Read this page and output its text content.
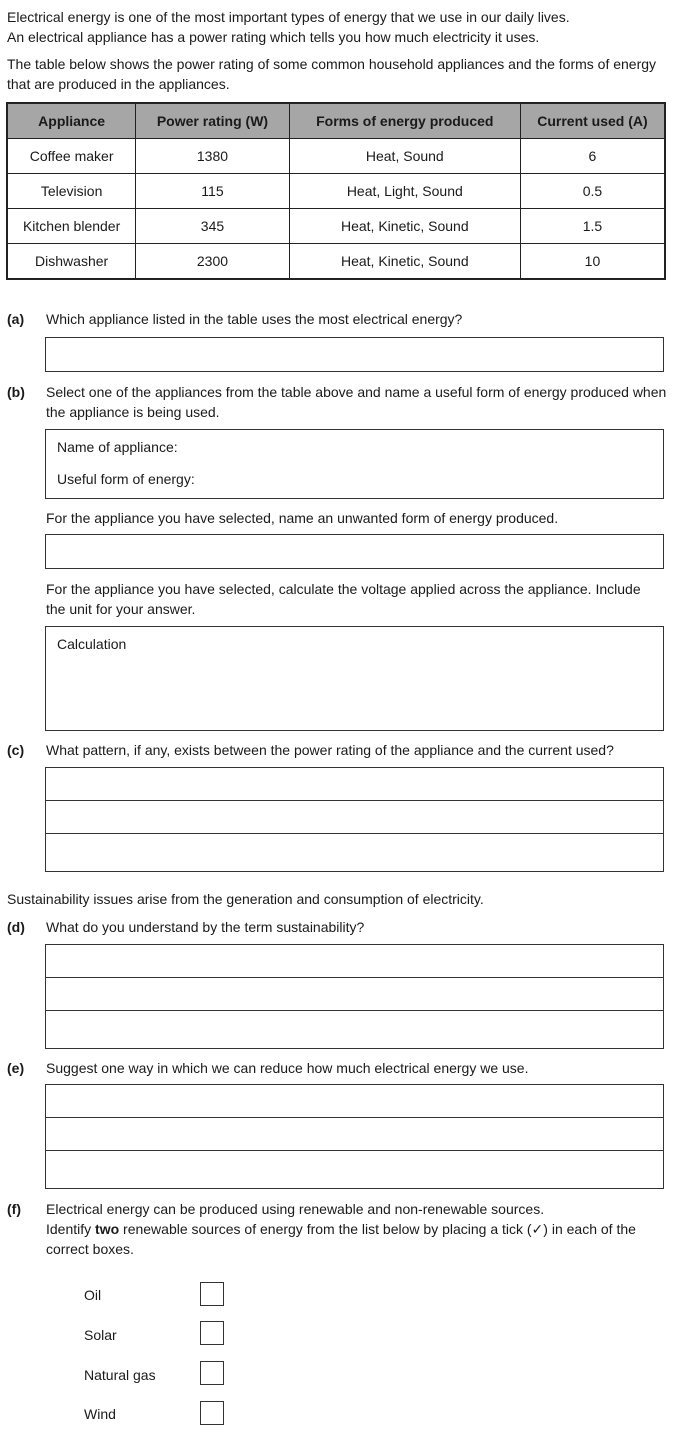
Electrical energy is one of the most important types of energy that we use in our daily lives.
An electrical appliance has a power rating which tells you how much electricity it uses.
The table below shows the power rating of some common household appliances and the forms of energy that are produced in the appliances.
Appliance	Power rating (W)	Forms of energy produced	Current used (A)
Coffee maker	1380	Heat, Sound	6
Television	115	Heat, Light, Sound	0.5
Kitchen blender	345	Heat, Kinetic, Sound	1.5
Dishwasher	2300	Heat, Kinetic, Sound	10
(a) Which appliance listed in the table uses the most electrical energy?
(b) Select one of the appliances from the table above and name a useful form of energy produced when the appliance is being used.
Name of appliance:
Useful form of energy:
For the appliance you have selected, name an unwanted form of energy produced.
For the appliance you have selected, calculate the voltage applied across the appliance. Include the unit for your answer.
Calculation
(c) What pattern, if any, exists between the power rating of the appliance and the current used?
Sustainability issues arise from the generation and consumption of electricity.
(d) What do you understand by the term sustainability?
(e) Suggest one way in which we can reduce how much electrical energy we use.
(f) Electrical energy can be produced using renewable and non-renewable sources.
Identify two renewable sources of energy from the list below by placing a tick (✓) in each of the correct boxes.
Oil
Solar
Natural gas
Wind
